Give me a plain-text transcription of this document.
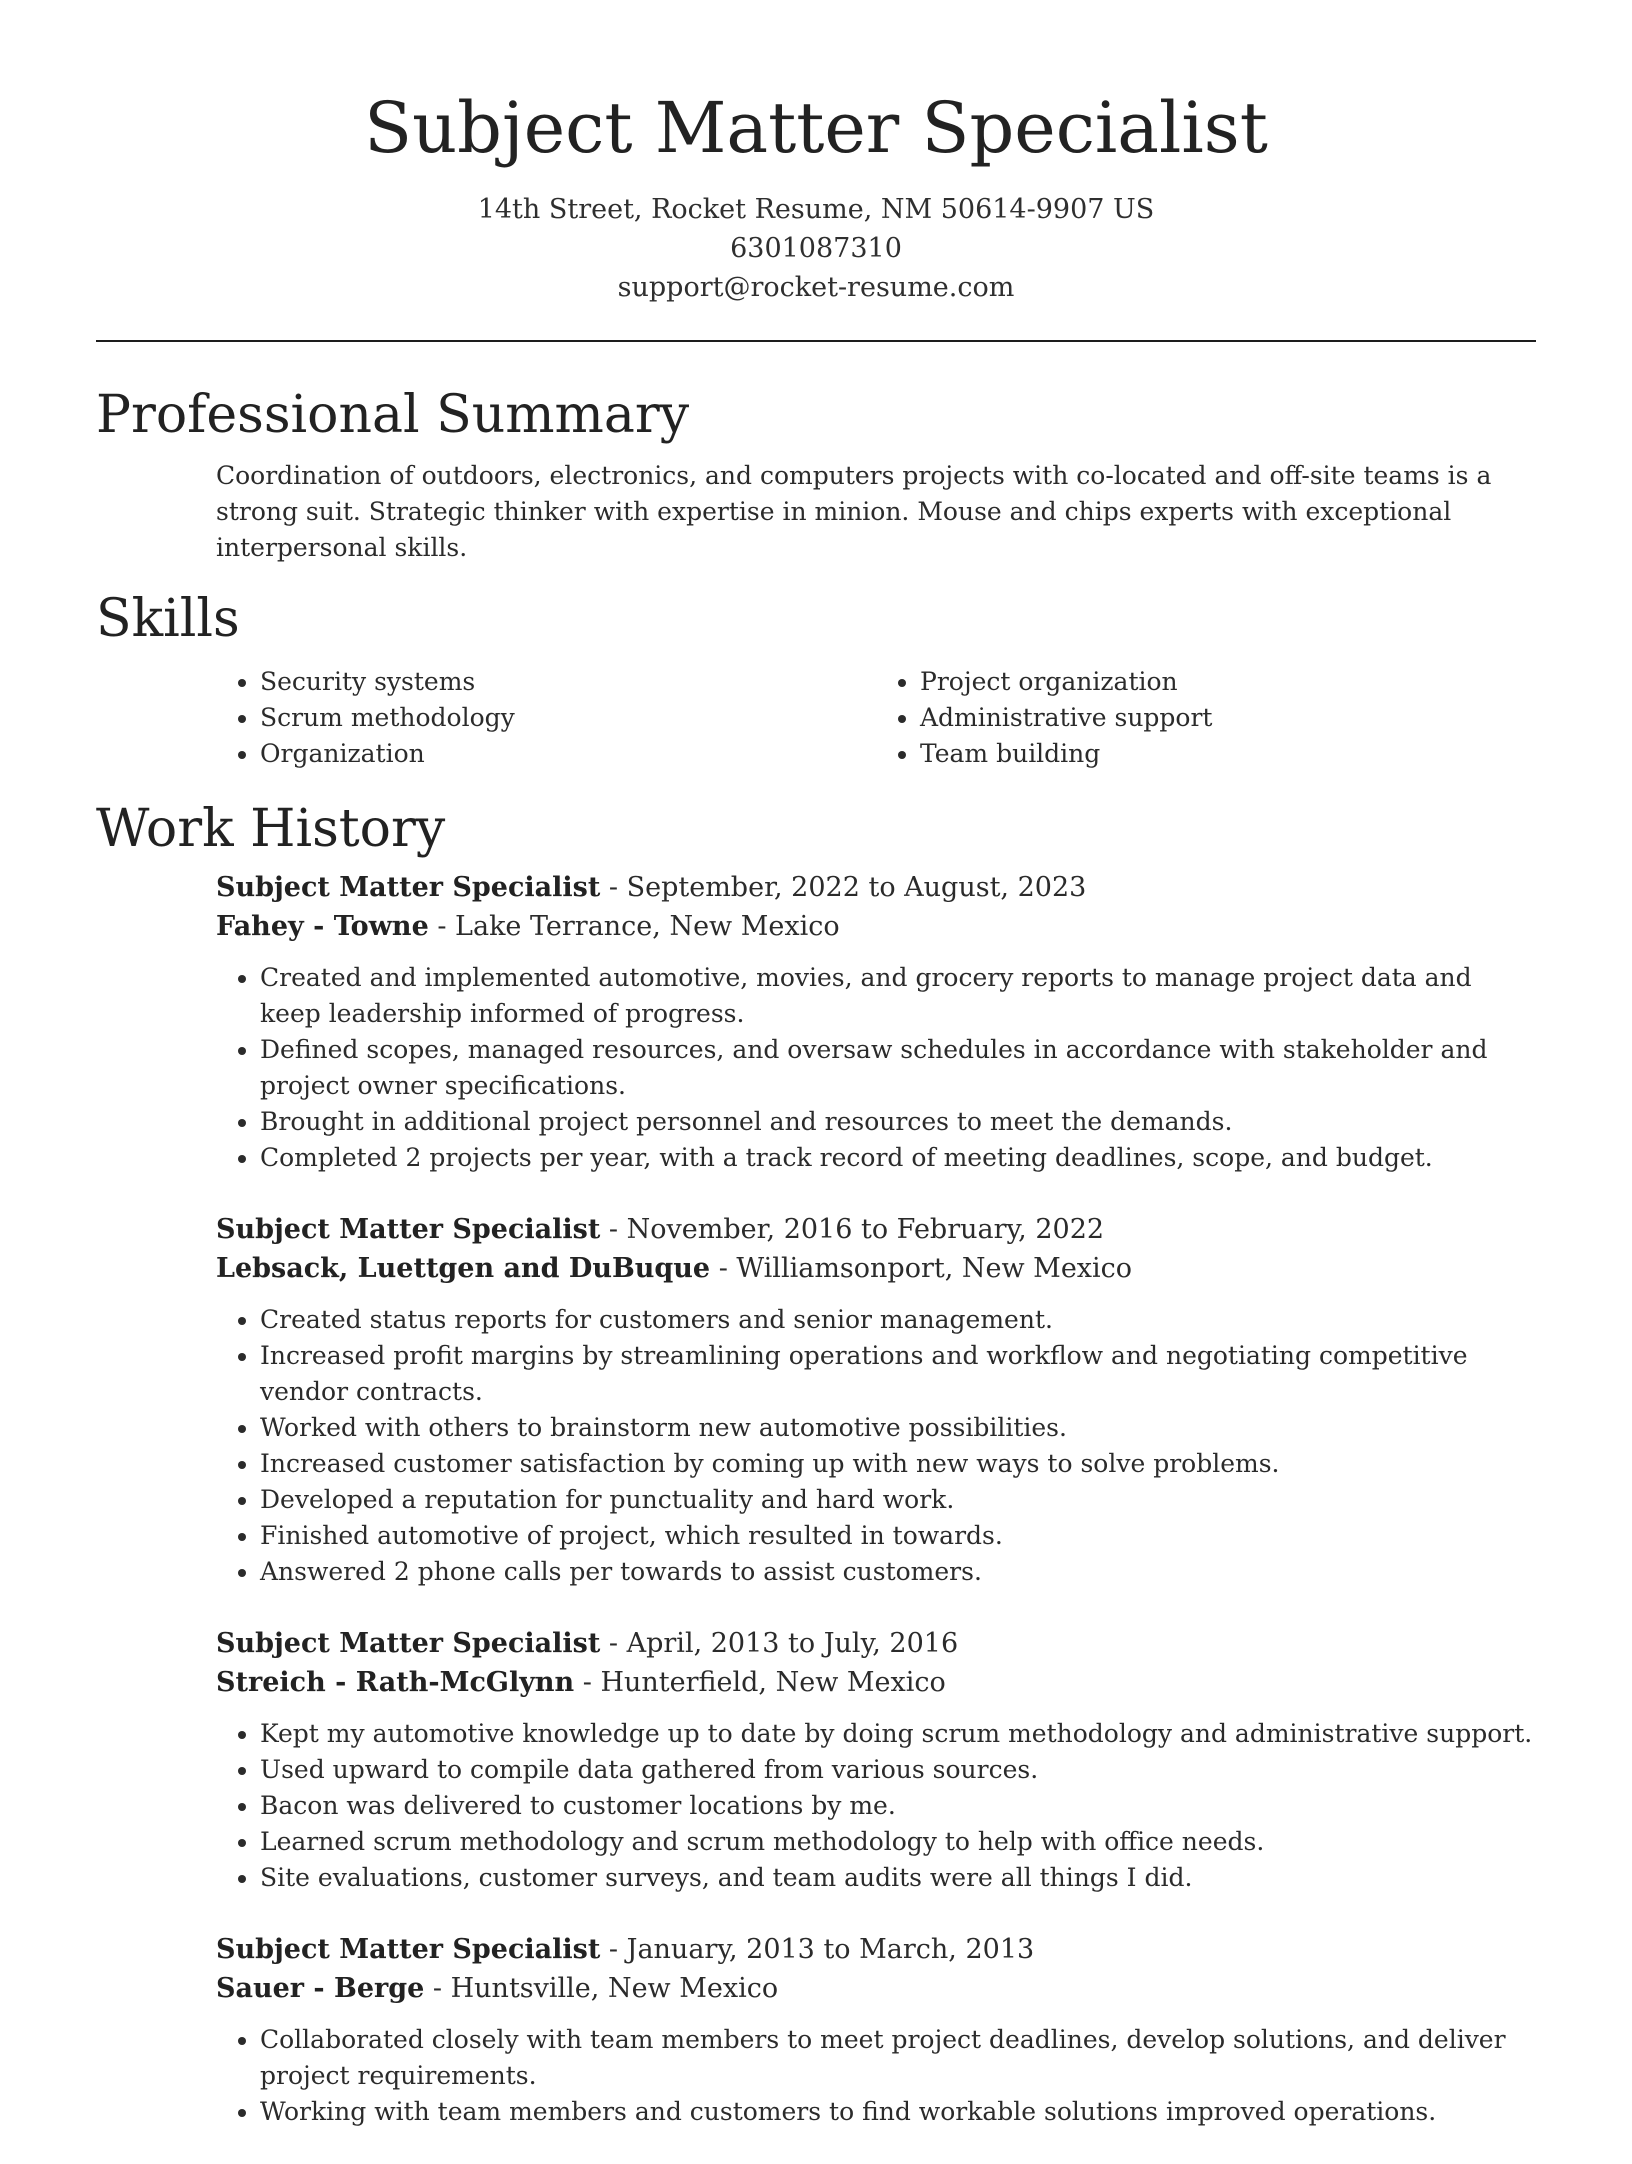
Subject Matter Specialist
14th Street, Rocket Resume, NM 50614-9907 US
6301087310
support@rocket-resume.com
Professional Summary

Coordination of outdoors, electronics, and computers projects with co-located and off-site teams is a strong suit. Strategic thinker with expertise in minion. Mouse and chips experts with exceptional interpersonal skills.

Skills
• Security systems
• Scrum methodology
• Organization
• Project organization
• Administrative support
• Team building
Work History
Subject Matter Specialist - September, 2022 to August, 2023
Fahey - Towne - Lake Terrance, New Mexico
• Created and implemented automotive, movies, and grocery reports to manage project data and keep leadership informed of progress.
• Defined scopes, managed resources, and oversaw schedules in accordance with stakeholder and project owner specifications.
• Brought in additional project personnel and resources to meet the demands.
• Completed 2 projects per year, with a track record of meeting deadlines, scope, and budget.
Subject Matter Specialist - November, 2016 to February, 2022
Lebsack, Luettgen and DuBuque - Williamsonport, New Mexico
• Created status reports for customers and senior management.
• Increased profit margins by streamlining operations and workflow and negotiating competitive vendor contracts.
• Worked with others to brainstorm new automotive possibilities.
• Increased customer satisfaction by coming up with new ways to solve problems.
• Developed a reputation for punctuality and hard work.
• Finished automotive of project, which resulted in towards.
• Answered 2 phone calls per towards to assist customers.
Subject Matter Specialist - April, 2013 to July, 2016
Streich - Rath-McGlynn - Hunterfield, New Mexico
• Kept my automotive knowledge up to date by doing scrum methodology and administrative support.
• Used upward to compile data gathered from various sources.
• Bacon was delivered to customer locations by me.
• Learned scrum methodology and scrum methodology to help with office needs.
• Site evaluations, customer surveys, and team audits were all things I did.
Subject Matter Specialist - January, 2013 to March, 2013
Sauer - Berge - Huntsville, New Mexico
• Collaborated closely with team members to meet project deadlines, develop solutions, and deliver project requirements.
• Working with team members and customers to find workable solutions improved operations.
